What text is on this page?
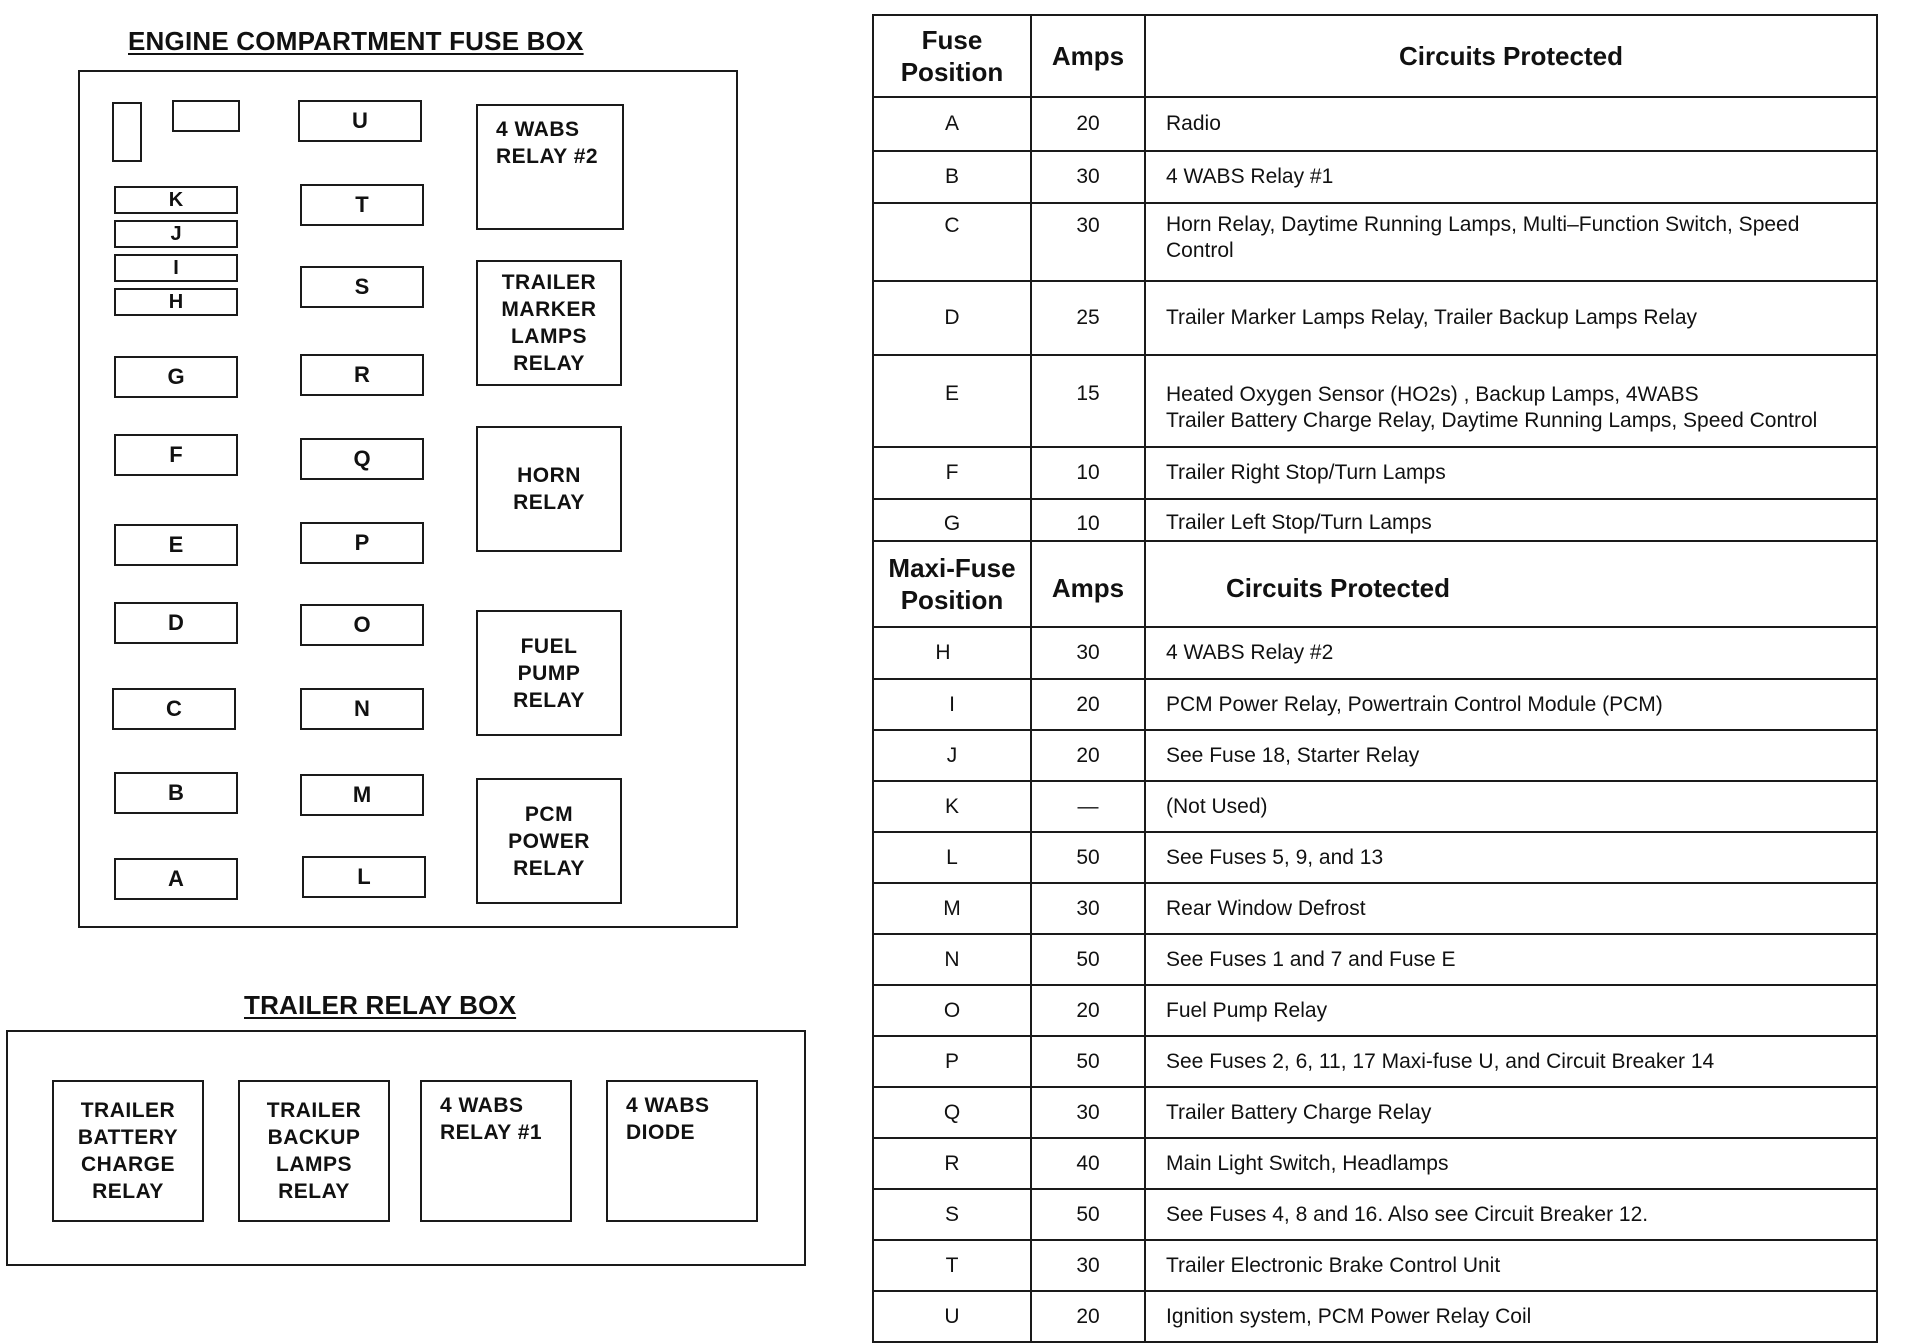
ENGINE COMPARTMENT FUSE BOX
K
J
I
H
G
F
E
D
C
B
A
U
T
S
R
Q
P
O
N
M
L
4 WABS
RELAY #2
TRAILER
MARKER
LAMPS
RELAY
HORN
RELAY
FUEL
PUMP
RELAY
PCM
POWER
RELAY
TRAILER RELAY BOX
TRAILER
BATTERY
CHARGE
RELAY
TRAILER
BACKUP
LAMPS
RELAY
4 WABS
RELAY #1
4 WABS
DIODE
Fuse
Position
Amps	Circuits Protected
A	20	Radio
B	30	4 WABS Relay #1
C	30	Horn Relay, Daytime Running Lamps, Multi–Function Switch, Speed
Control
D	25	Trailer Marker Lamps Relay, Trailer Backup Lamps Relay
E	15	Heated Oxygen Sensor (HO2s) , Backup Lamps, 4WABS
Trailer Battery Charge Relay, Daytime Running Lamps, Speed Control
F	10	Trailer Right Stop/Turn Lamps
G	10	Trailer Left Stop/Turn Lamps
Maxi-Fuse
Position	Amps	Circuits Protected
H	30	4 WABS Relay #2
I	20	PCM Power Relay, Powertrain Control Module (PCM)
J	20	See Fuse 18, Starter Relay
K	—	(Not Used)
L	50	See Fuses 5, 9, and 13
M	30	Rear Window Defrost
N	50	See Fuses 1 and 7 and Fuse E
O	20	Fuel Pump Relay
P	50	See Fuses 2, 6, 11, 17 Maxi-fuse U, and Circuit Breaker 14
Q	30	Trailer Battery Charge Relay
R	40	Main Light Switch, Headlamps
S	50	See Fuses 4, 8 and 16. Also see Circuit Breaker 12.
T	30	Trailer Electronic Brake Control Unit
U	20	Ignition system, PCM Power Relay Coil
